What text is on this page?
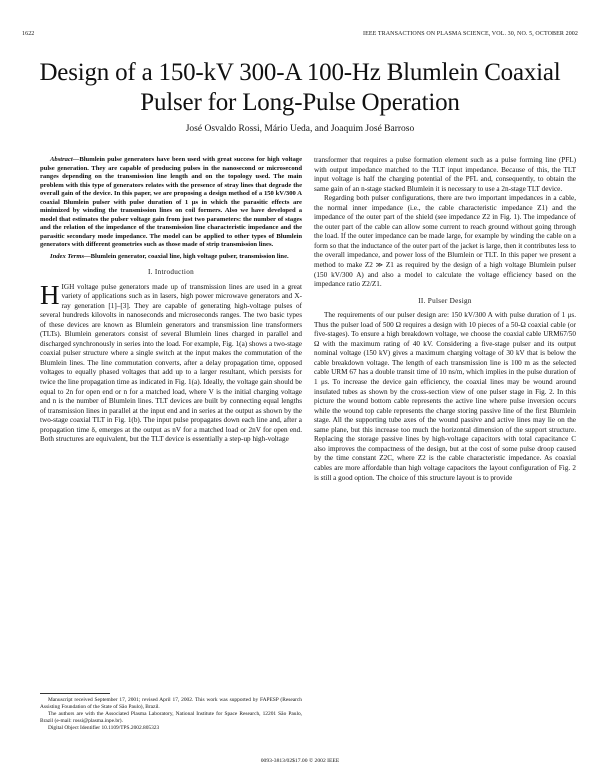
1622	IEEE TRANSACTIONS ON PLASMA SCIENCE, VOL. 30, NO. 5, OCTOBER 2002
Design of a 150-kV 300-A 100-Hz Blumlein Coaxial
Pulser for Long-Pulse Operation
José Osvaldo Rossi, Mário Ueda, and Joaquim José Barroso

Abstract—Blumlein pulse generators have been used with great success for high voltage pulse generation. They are capable of producing pulses in the nanosecond or microsecond ranges depending on the transmission line length and on the topology used. The main problem with this type of generators relates with the presence of stray lines that degrade the overall gain of the device. In this paper, we are proposing a design method of a 150 kV/300 A coaxial Blumlein pulser with pulse duration of 1 μs in which the parasitic effects are minimized by winding the transmission lines on coil formers. Also we have developed a model that estimates the pulser voltage gain from just two parameters: the number of stages and the relation of the impedance of the transmission line characteristic impedance and the parasitic secondary mode impedance. The model can be applied to other types of Blumlein generators with different geometries such as those made of strip transmission lines.

Index Terms—Blumlein generator, coaxial line, high voltage pulser, transmission line.

I. Introduction

HIGH voltage pulse generators made up of transmission lines are used in a great variety of applications such as in lasers, high power microwave generators and X-ray generation [1]–[3]. They are capable of generating high-voltage pulses of several hundreds kilovolts in nanoseconds and microseconds ranges. The two basic types of these devices are known as Blumlein generators and transmission line transformers (TLTs). Blumlein generators consist of several Blumlein lines charged in parallel and discharged synchronously in series into the load. For example, Fig. 1(a) shows a two-stage coaxial pulser structure where a single switch at the input makes the commutation of the Blumlein lines. The line commutation converts, after a delay propagation time, opposed voltages to equally phased voltages that add up to a larger resultant, which persists for twice the line propagation time as indicated in Fig. 1(a). Ideally, the voltage gain should be equal to 2n for open end or n for a matched load, where V is the initial charging voltage and n is the number of Blumlein lines. TLT devices are built by connecting equal lengths of transmission lines in parallel at the input end and in series at the output as shown by the two-stage coaxial TLT in Fig. 1(b). The input pulse propagates down each line and, after a propagation time δ, emerges at the output as nV for a matched load or 2nV for open end. Both structures are equivalent, but the TLT device is essentially a step-up high-voltage

Manuscript received September 17, 2001; revised April 17, 2002. This work was supported by FAPESP (Research Assisting Foundation of the State of São Paulo), Brazil.

The authors are with the Associated Plasma Laboratory, National Institute for Space Research, 12201 São Paulo, Brazil (e-mail: rossi@plasma.inpe.br).

Digital Object Identifier 10.1109/TPS.2002.805323

transformer that requires a pulse formation element such as a pulse forming line (PFL) with output impedance matched to the TLT input impedance. Because of this, the TLT input voltage is half the charging potential of the PFL and, consequently, to obtain the same gain of an n-stage stacked Blumlein it is necessary to use a 2n-stage TLT device.

Regarding both pulser configurations, there are two important impedances in a cable, the normal inner impedance (i.e., the cable characteristic impedance Z1) and the impedance of the outer part of the shield (see impedance Z2 in Fig. 1). The impedance of the outer part of the cable can allow some current to reach ground without going through the load. If the outer impedance can be made large, for example by winding the cable on a form so that the inductance of the outer part of the jacket is large, then it contributes less to the overall impedance, and power loss of the Blumlein or TLT. In this paper we present a method to make Z2 ≫ Z1 as required by the design of a high voltage Blumlein pulser (150 kV/300 A) and also a model to calculate the voltage efficiency based on the impedance ratio Z2/Z1.

II. Pulser Design

The requirements of our pulser design are: 150 kV/300 A with pulse duration of 1 μs. Thus the pulser load of 500 Ω requires a design with 10 pieces of a 50-Ω coaxial cable (or five-stages). To ensure a high breakdown voltage, we choose the coaxial cable URM67/50 Ω with the maximum rating of 40 kV. Considering a five-stage pulser and its output nominal voltage (150 kV) gives a maximum charging voltage of 30 kV that is below the cable breakdown voltage. The length of each transmission line is 100 m as the selected cable URM 67 has a double transit time of 10 ns/m, which implies in the pulse duration of 1 μs. To increase the device gain efficiency, the coaxial lines may be wound around insulated tubes as shown by the cross-section view of one pulser stage in Fig. 2. In this picture the wound bottom cable represents the active line where pulse inversion occurs while the wound top cable represents the charge storing passive line of the first Blumlein stage. All the supporting tube axes of the wound passive and active lines may lie on the same plane, but this increase too much the horizontal dimension of the support structure. Replacing the storage passive lines by high-voltage capacitors with total capacitance C also improves the compactness of the design, but at the cost of some pulse droop caused by the time constant Z2C, where Z2 is the cable characteristic impedance. As coaxial cables are more affordable than high voltage capacitors the layout configuration of Fig. 2 is still a good option. The choice of this structure layout is to provide

0093-3813/02$17.00 © 2002 IEEE
